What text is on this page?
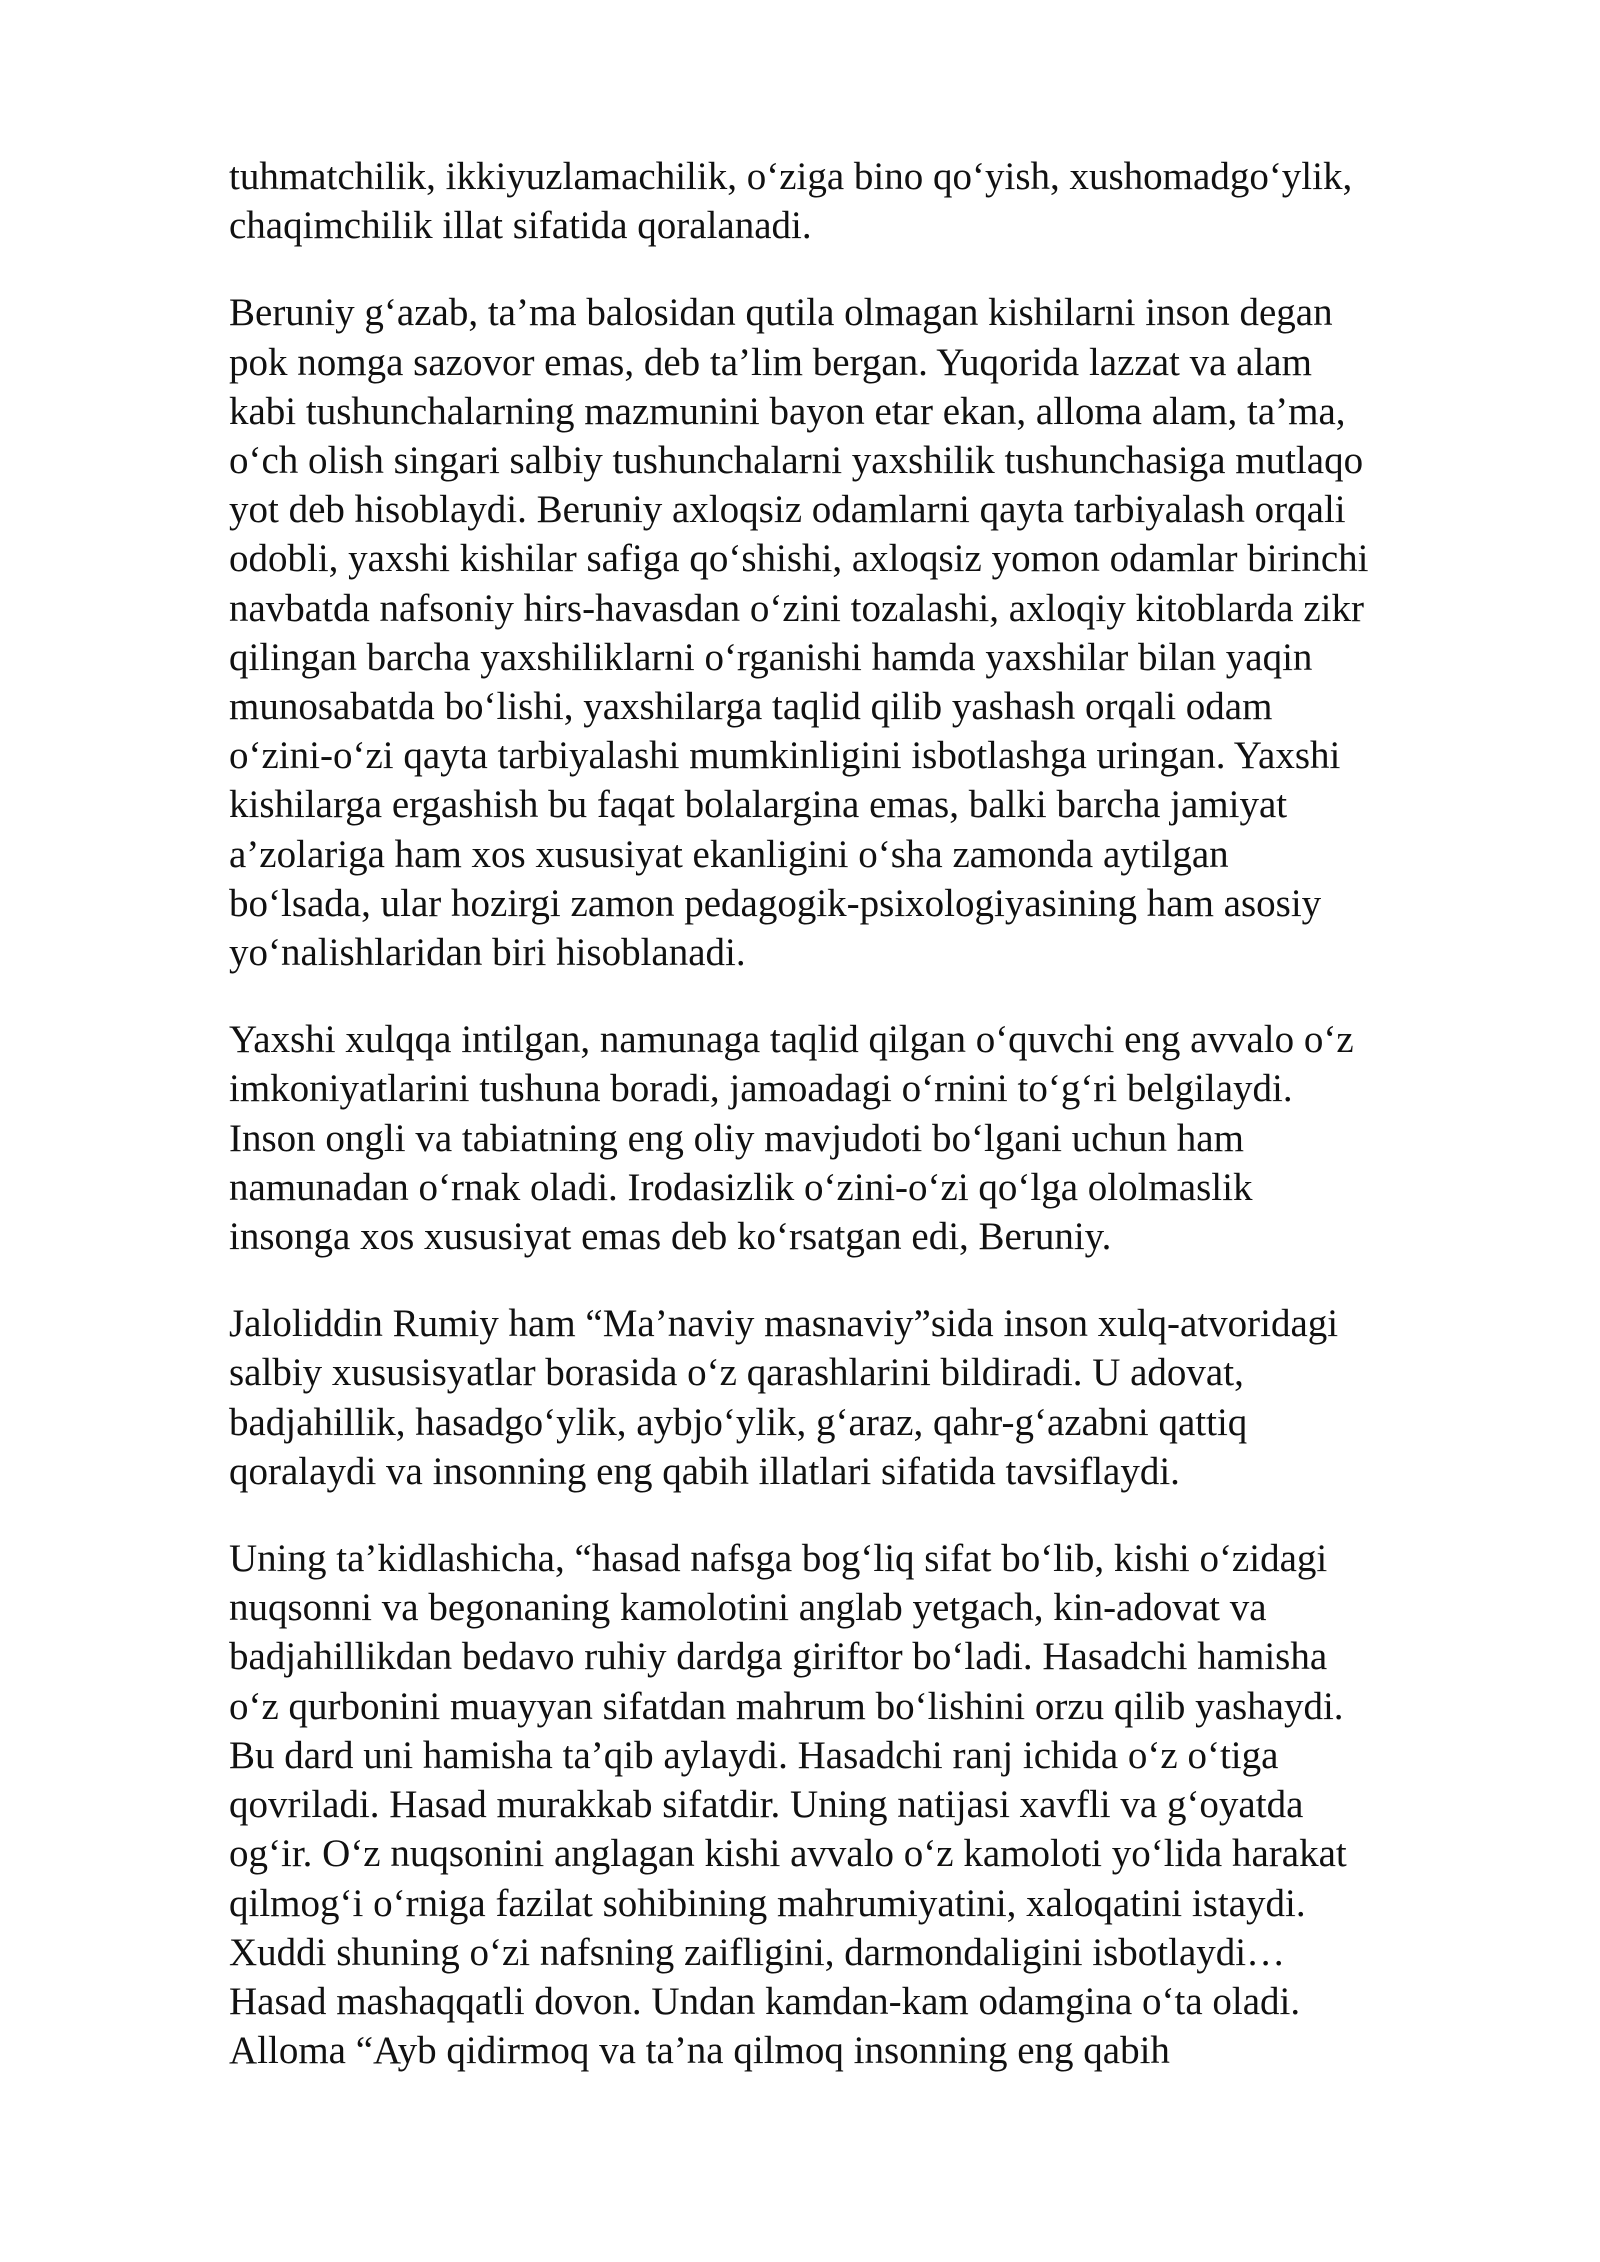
tuhmatchilik, ikkiyuzlamachilik, o‘ziga bino qo‘yish, xushomadgo‘ylik,
chaqimchilik illat sifatida qoralanadi.
Beruniy g‘azab, ta’ma balosidan qutila olmagan kishilarni inson degan
pok nomga sazovor emas, deb ta’lim bergan. Yuqorida lazzat va alam
kabi tushunchalarning mazmunini bayon etar ekan, alloma alam, ta’ma,
o‘ch olish singari salbiy tushunchalarni yaxshilik tushunchasiga mutlaqo
yot deb hisoblaydi. Beruniy axloqsiz odamlarni qayta tarbiyalash orqali
odobli, yaxshi kishilar safiga qo‘shishi, axloqsiz yomon odamlar birinchi
navbatda nafsoniy hirs-havasdan o‘zini tozalashi, axloqiy kitoblarda zikr
qilingan barcha yaxshiliklarni o‘rganishi hamda yaxshilar bilan yaqin
munosabatda bo‘lishi, yaxshilarga taqlid qilib yashash orqali odam
o‘zini-o‘zi qayta tarbiyalashi mumkinligini isbotlashga uringan. Yaxshi
kishilarga ergashish bu faqat bolalargina emas, balki barcha jamiyat
a’zolariga ham xos xususiyat ekanligini o‘sha zamonda aytilgan
bo‘lsada, ular hozirgi zamon pedagogik-psixologiyasining ham asosiy
yo‘nalishlaridan biri hisoblanadi.
Yaxshi xulqqa intilgan, namunaga taqlid qilgan o‘quvchi eng avvalo o‘z
imkoniyatlarini tushuna boradi, jamoadagi o‘rnini to‘g‘ri belgilaydi.
Inson ongli va tabiatning eng oliy mavjudoti bo‘lgani uchun ham
namunadan o‘rnak oladi. Irodasizlik o‘zini-o‘zi qo‘lga ololmaslik
insonga xos xususiyat emas deb ko‘rsatgan edi, Beruniy.
Jaloliddin Rumiy ham “Ma’naviy masnaviy”sida inson xulq-atvoridagi
salbiy xususisyatlar borasida o‘z qarashlarini bildiradi. U adovat,
badjahillik, hasadgo‘ylik, aybjo‘ylik, g‘araz, qahr-g‘azabni qattiq
qoralaydi va insonning eng qabih illatlari sifatida tavsiflaydi.
Uning ta’kidlashicha, “hasad nafsga bog‘liq sifat bo‘lib, kishi o‘zidagi
nuqsonni va begonaning kamolotini anglab yetgach, kin-adovat va
badjahillikdan bedavo ruhiy dardga giriftor bo‘ladi. Hasadchi hamisha
o‘z qurbonini muayyan sifatdan mahrum bo‘lishini orzu qilib yashaydi.
Bu dard uni hamisha ta’qib aylaydi. Hasadchi ranj ichida o‘z o‘tiga
qovriladi. Hasad murakkab sifatdir. Uning natijasi xavfli va g‘oyatda
og‘ir. O‘z nuqsonini anglagan kishi avvalo o‘z kamoloti yo‘lida harakat
qilmog‘i o‘rniga fazilat sohibining mahrumiyatini, xaloqatini istaydi.
Xuddi shuning o‘zi nafsning zaifligini, darmondaligini isbotlaydi…
Hasad mashaqqatli dovon. Undan kamdan-kam odamgina o‘ta oladi.
Alloma “Ayb qidirmoq va ta’na qilmoq insonning eng qabih
